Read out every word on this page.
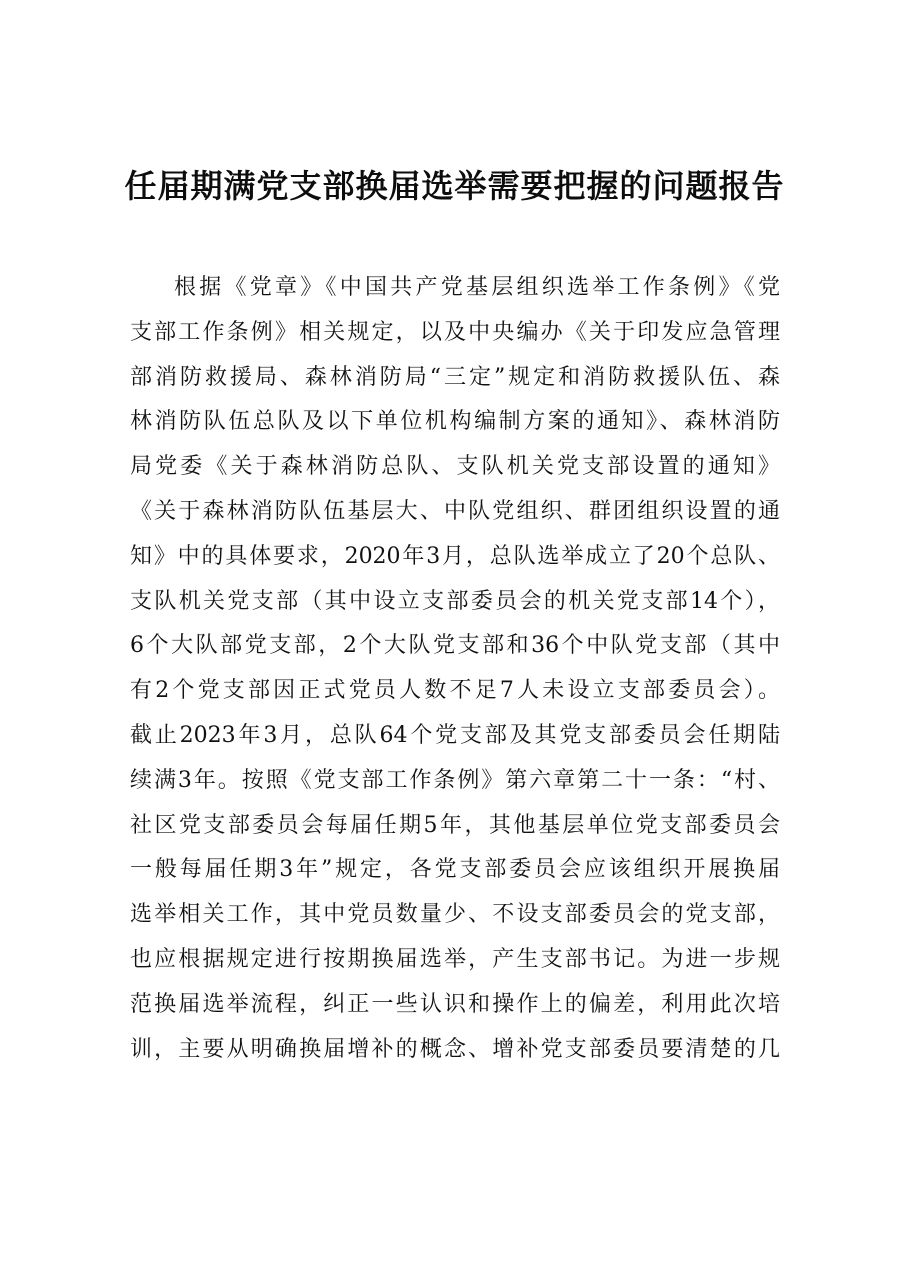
任届期满党支部换届选举需要把握的问题报告
根据《党章》《中国共产党基层组织选举工作条例》《党
支部工作条例》相关规定，以及中央编办《关于印发应急管理
部消防救援局、森林消防局“三定”规定和消防救援队伍、森
林消防队伍总队及以下单位机构编制方案的通知》、森林消防
局党委《关于森林消防总队、支队机关党支部设置的通知》
《关于森林消防队伍基层大、中队党组织、群团组织设置的通
知》中的具体要求，2020年3月，总队选举成立了20个总队、
支队机关党支部（其中设立支部委员会的机关党支部14个），
6个大队部党支部，2个大队党支部和36个中队党支部（其中
有2个党支部因正式党员人数不足7人未设立支部委员会）。
截止2023年3月，总队64个党支部及其党支部委员会任期陆
续满3年。按照《党支部工作条例》第六章第二十一条：“村、
社区党支部委员会每届任期5年，其他基层单位党支部委员会
一般每届任期3年”规定，各党支部委员会应该组织开展换届
选举相关工作，其中党员数量少、不设支部委员会的党支部，
也应根据规定进行按期换届选举，产生支部书记。为进一步规
范换届选举流程，纠正一些认识和操作上的偏差，利用此次培
训，主要从明确换届增补的概念、增补党支部委员要清楚的几
